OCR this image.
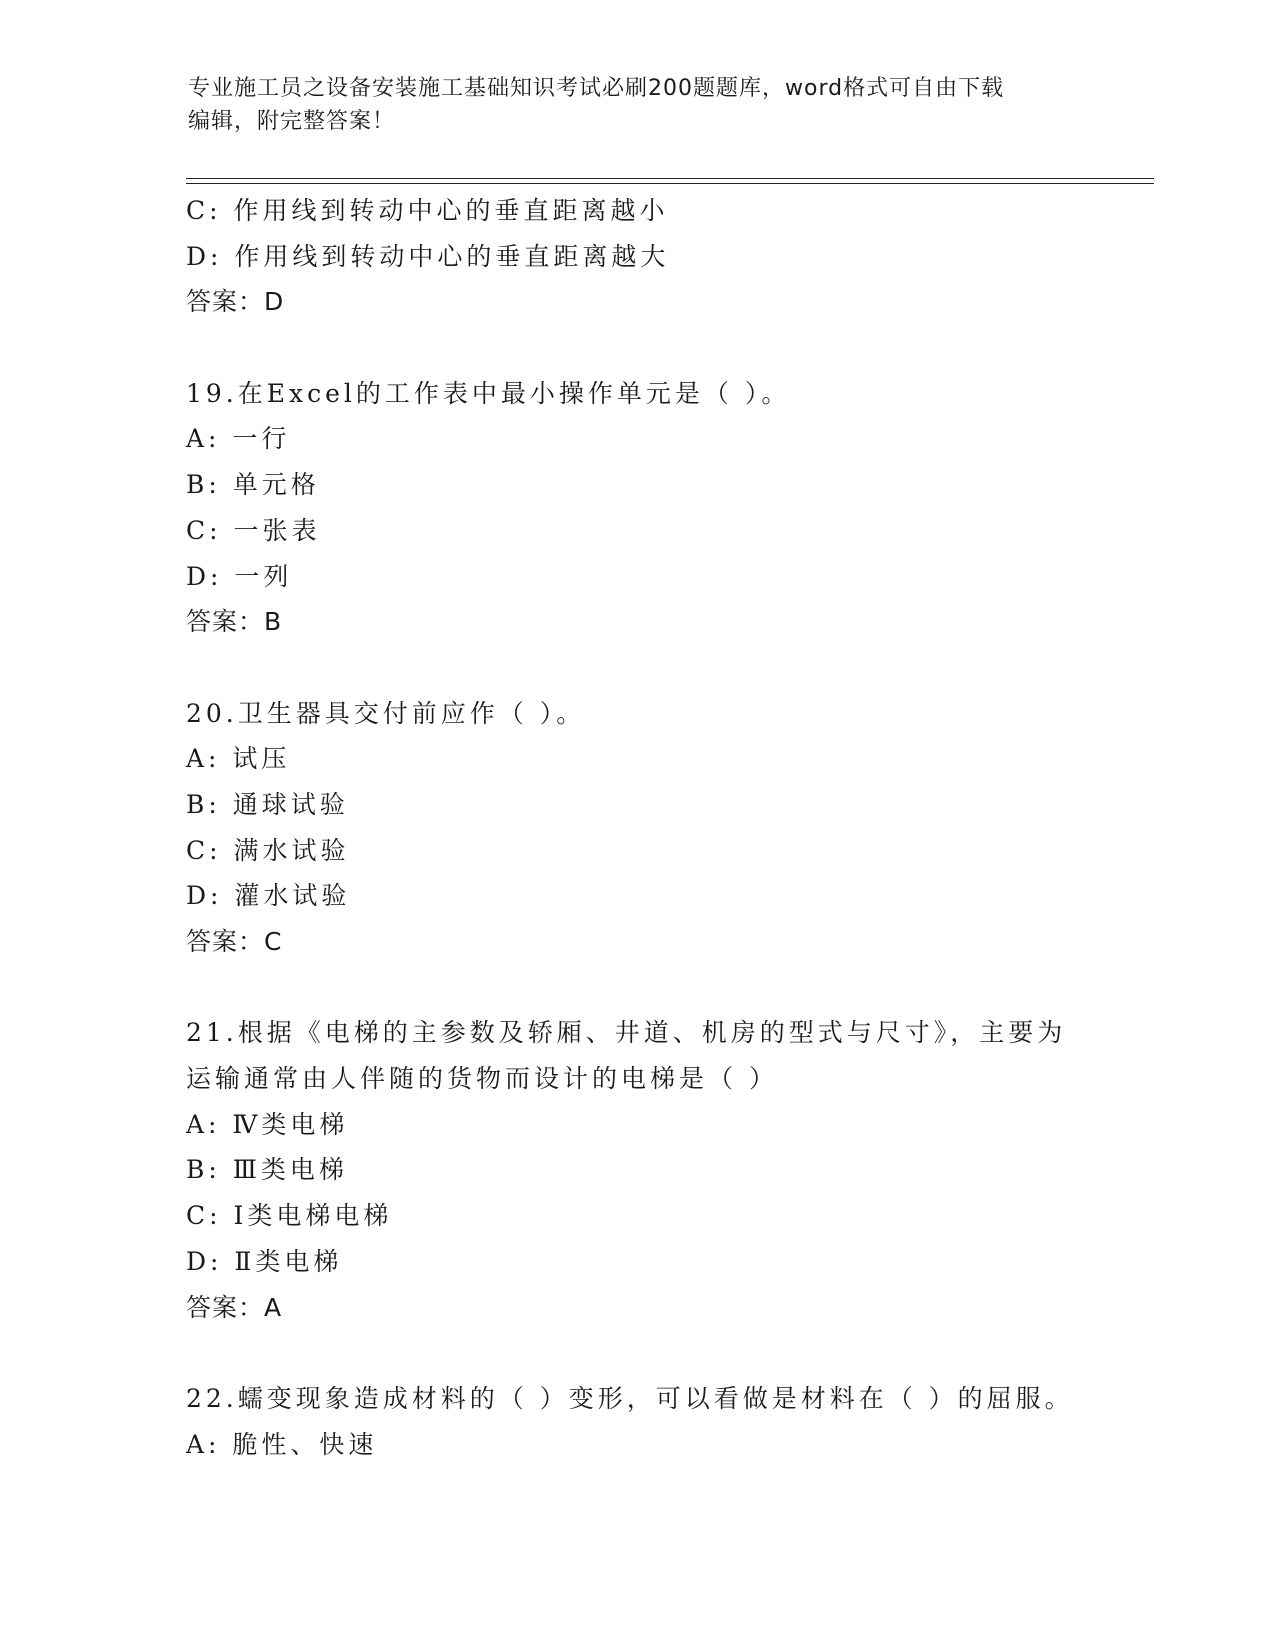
专业施工员之设备安装施工基础知识考试必刷200题题库，word格式可自由下载
编辑，附完整答案！
C: 作用线到转动中心的垂直距离越小
D: 作用线到转动中心的垂直距离越大
答案：D
19.在Excel的工作表中最小操作单元是（ ）。
A: 一行
B: 单元格
C: 一张表
D: 一列
答案：B
20.卫生器具交付前应作（ ）。
A: 试压
B: 通球试验
C: 满水试验
D: 灌水试验
答案：C
21.根据《电梯的主参数及轿厢、井道、机房的型式与尺寸》，主要为
运输通常由人伴随的货物而设计的电梯是（ ）
A: Ⅳ类电梯
B: Ⅲ类电梯
C: Ⅰ类电梯电梯
D: Ⅱ类电梯
答案：A
22.蠕变现象造成材料的（ ）变形，可以看做是材料在（ ）的屈服。
A: 脆性、快速
